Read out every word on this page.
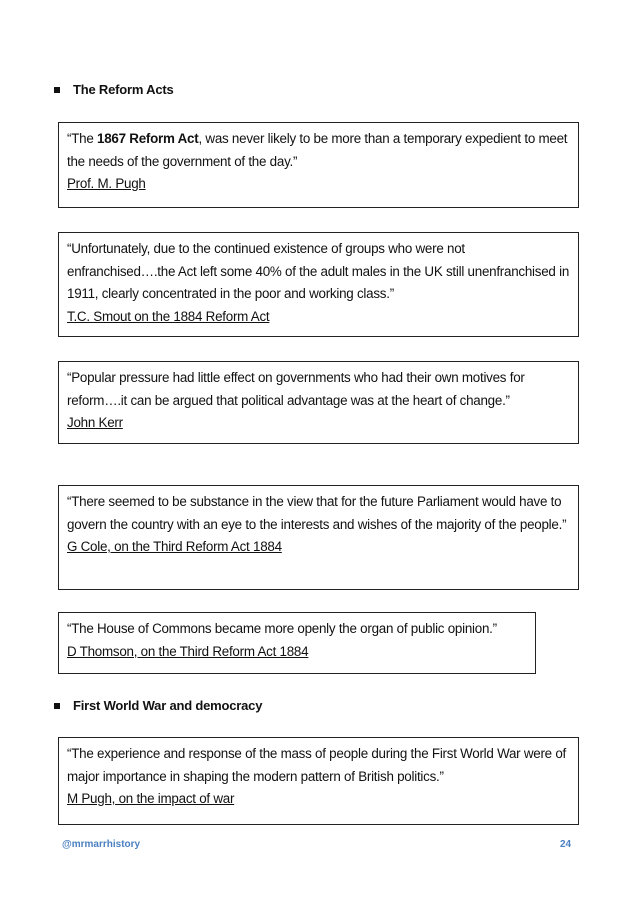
The Reform Acts

“The 1867 Reform Act, was never likely to be more than a temporary expedient to meet the needs of the government of the day.”

Prof. M. Pugh

“Unfortunately, due to the continued existence of groups who were not enfranchised….the Act left some 40% of the adult males in the UK still unenfranchised in 1911, clearly concentrated in the poor and working class.”

T.C. Smout on the 1884 Reform Act

“Popular pressure had little effect on governments who had their own motives for reform….it can be argued that political advantage was at the heart of change.”

John Kerr

“There seemed to be substance in the view that for the future Parliament would have to govern the country with an eye to the interests and wishes of the majority of the people.”

G Cole, on the Third Reform Act 1884

“The House of Commons became more openly the organ of public opinion.”

D Thomson, on the Third Reform Act 1884

First World War and democracy

“The experience and response of the mass of people during the First World War were of major importance in shaping the modern pattern of British politics.”

M Pugh, on the impact of war

@mrmarrhistory	24
